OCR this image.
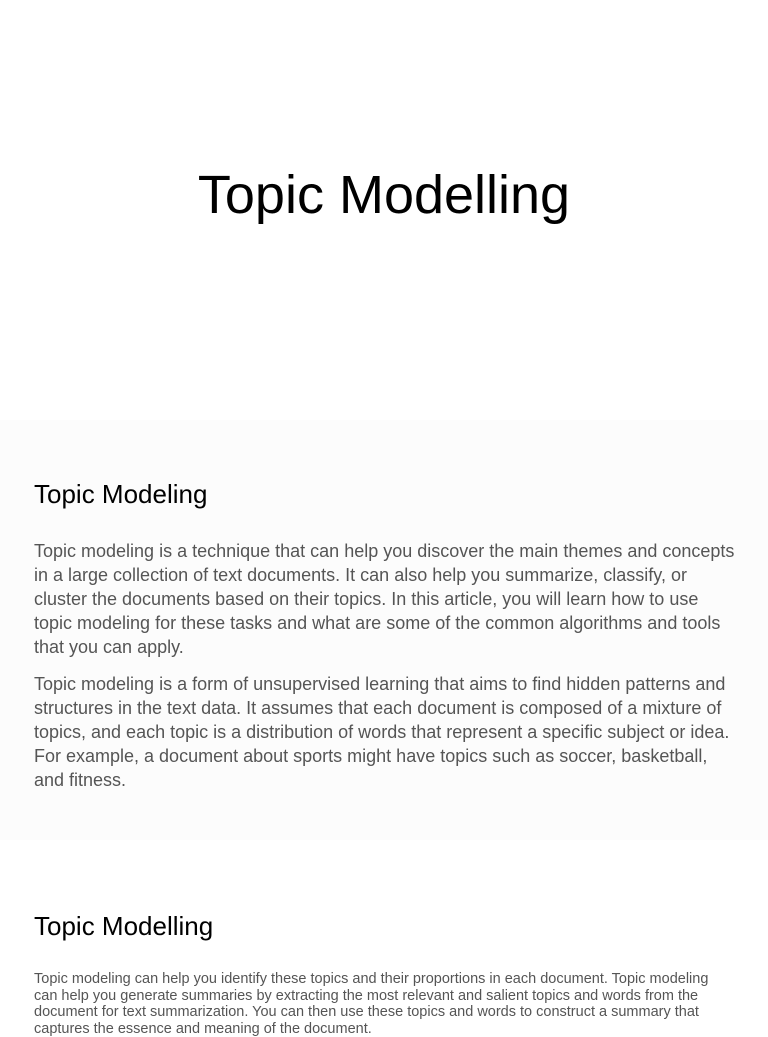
Topic Modelling
Topic Modeling

Topic modeling is a technique that can help you discover the main themes and concepts in a large collection of text documents. It can also help you summarize, classify, or cluster the documents based on their topics. In this article, you will learn how to use topic modeling for these tasks and what are some of the common algorithms and tools that you can apply.

Topic modeling is a form of unsupervised learning that aims to find hidden patterns and structures in the text data. It assumes that each document is composed of a mixture of topics, and each topic is a distribution of words that represent a specific subject or idea. For example, a document about sports might have topics such as soccer, basketball, and fitness.

Topic Modelling

Topic modeling can help you identify these topics and their proportions in each document. Topic modeling can help you generate summaries by extracting the most relevant and salient topics and words from the document for text summarization. You can then use these topics and words to construct a summary that captures the essence and meaning of the document.
